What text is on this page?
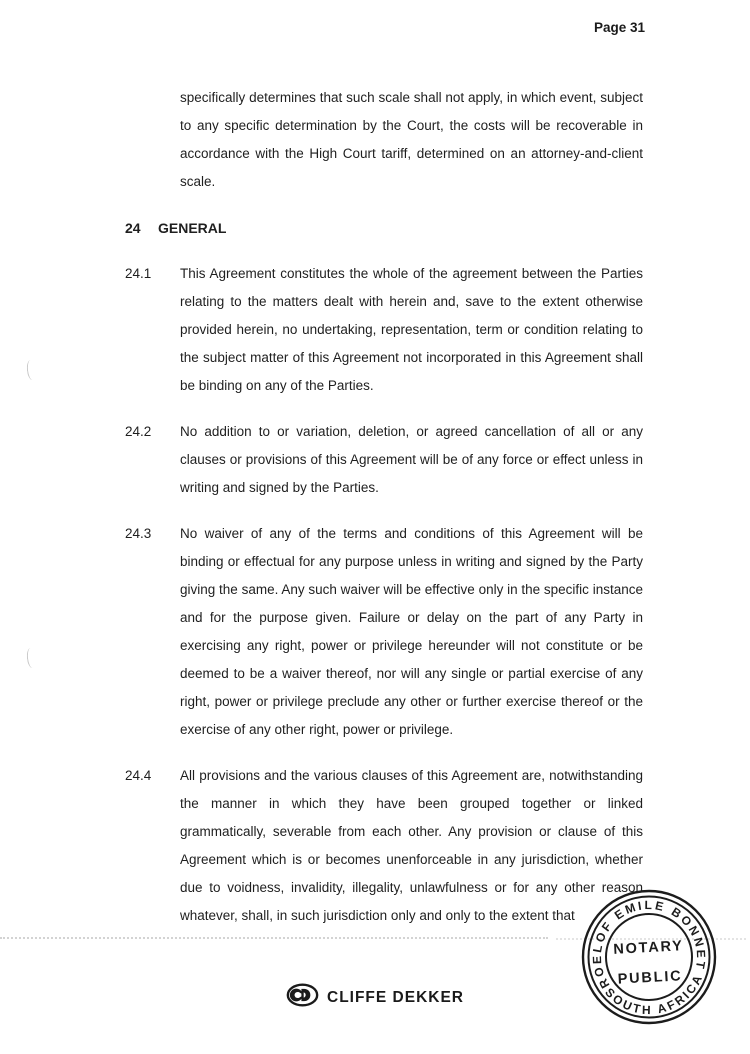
Page 31
specifically determines that such scale shall not apply, in which event, subject to any specific determination by the Court, the costs will be recoverable in accordance with the High Court tariff, determined on an attorney-and-client scale.
24	GENERAL
24.1	This Agreement constitutes the whole of the agreement between the Parties relating to the matters dealt with herein and, save to the extent otherwise provided herein, no undertaking, representation, term or condition relating to the subject matter of this Agreement not incorporated in this Agreement shall be binding on any of the Parties.
24.2	No addition to or variation, deletion, or agreed cancellation of all or any clauses or provisions of this Agreement will be of any force or effect unless in writing and signed by the Parties.
24.3	No waiver of any of the terms and conditions of this Agreement will be binding or effectual for any purpose unless in writing and signed by the Party giving the same. Any such waiver will be effective only in the specific instance and for the purpose given. Failure or delay on the part of any Party in exercising any right, power or privilege hereunder will not constitute or be deemed to be a waiver thereof, nor will any single or partial exercise of any right, power or privilege preclude any other or further exercise thereof or the exercise of any other right, power or privilege.
24.4	All provisions and the various clauses of this Agreement are, notwithstanding the manner in which they have been grouped together or linked grammatically, severable from each other. Any provision or clause of this Agreement which is or becomes unenforceable in any jurisdiction, whether due to voidness, invalidity, illegality, unlawfulness or for any other reason whatever, shall, in such jurisdiction only and only to the extent that
CLIFFE DEKKER
ROELOF EMILE BONNET
SOUTH AFRICA
NOTARY
PUBLIC
